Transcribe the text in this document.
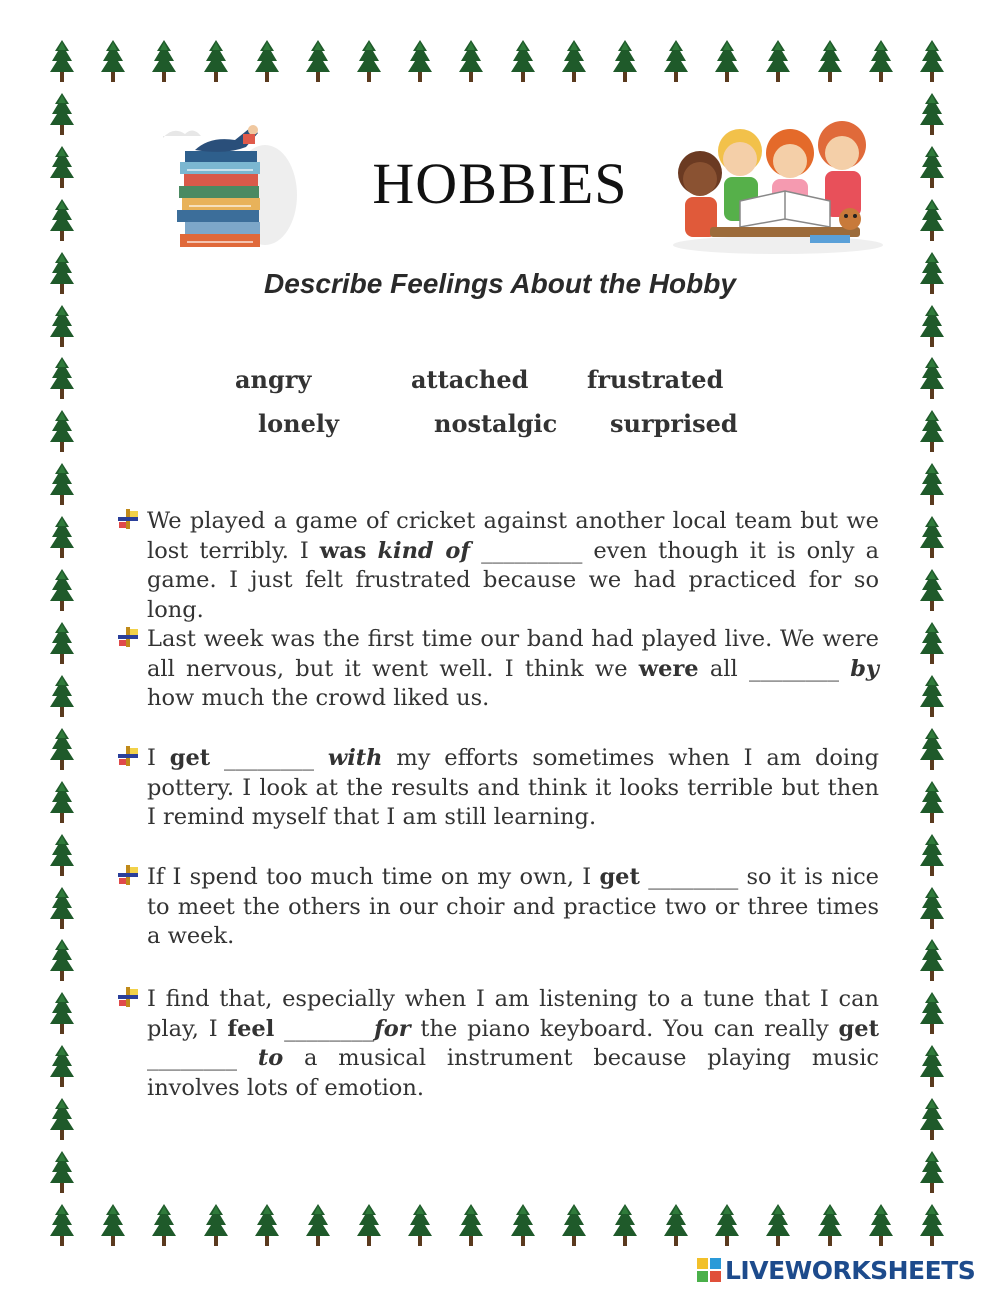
HOBBIES
Describe Feelings About the Hobby
angry	attached frustrated
lonely	nostalgic surprised
We played a game of cricket against another local team but we lost terribly. I was kind of _________ even though it is only a game. I just felt frustrated because we had practiced for so long.
Last week was the first time our band had played live. We were all nervous, but it went well. I think we were all ________ by how much the crowd liked us.
I get ________ with my efforts sometimes when I am doing pottery. I look at the results and think it looks terrible but then I remind myself that I am still learning.
If I spend too much time on my own, I get ________ so it is nice to meet the others in our choir and practice two or three times a week.
I find that, especially when I am listening to a tune that I can play, I feel ________for the piano keyboard. You can really get ________ to a musical instrument because playing music involves lots of emotion.
LIVEWORKSHEETS
